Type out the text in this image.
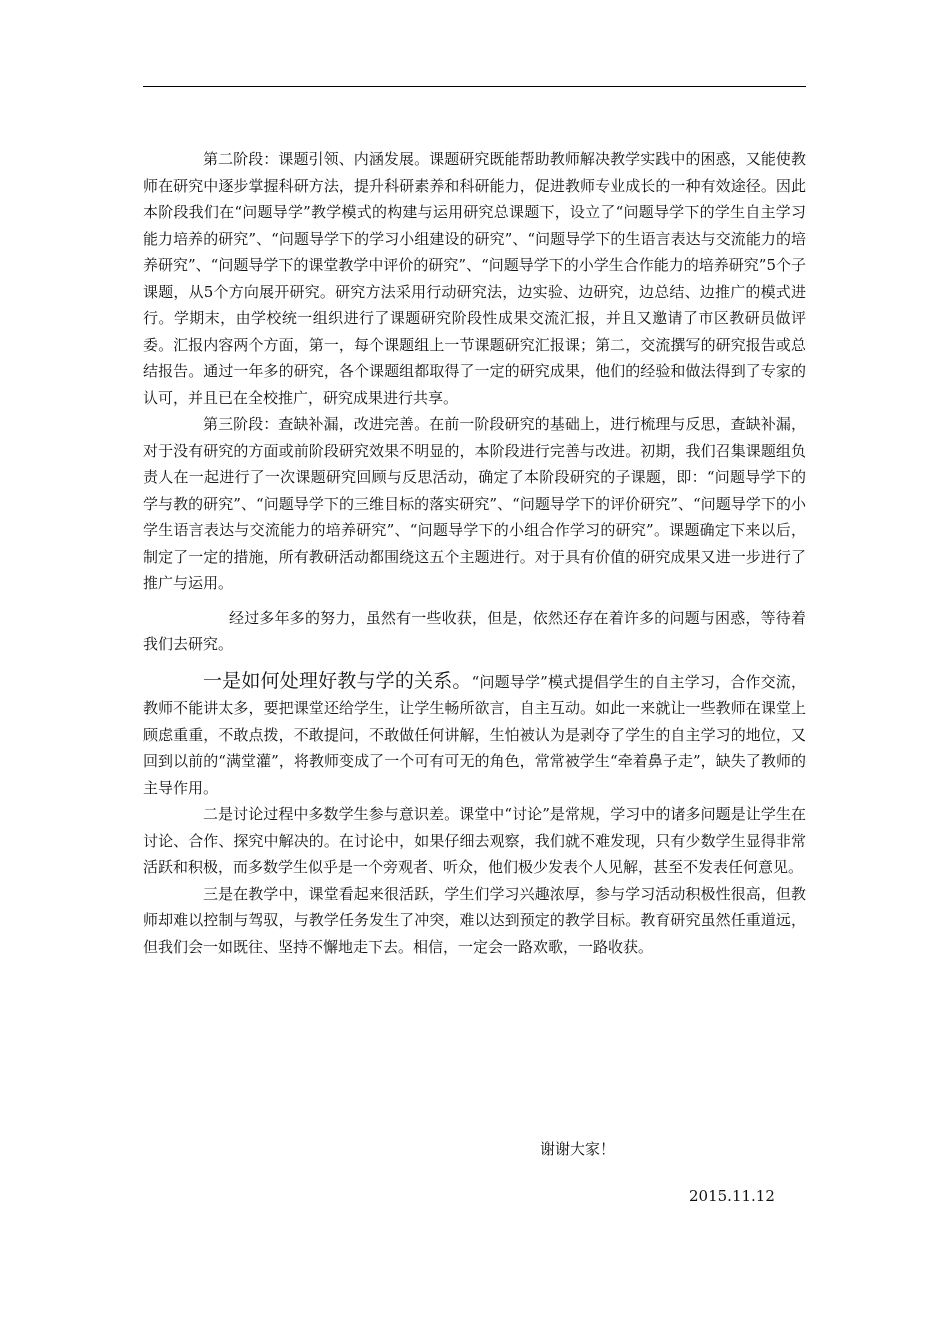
第二阶段：课题引领、内涵发展。课题研究既能帮助教师解决教学实践中的困惑，又能使教师在研究中逐步掌握科研方法，提升科研素养和科研能力，促进教师专业成长的一种有效途径。因此本阶段我们在“问题导学”教学模式的构建与运用研究总课题下，设立了“问题导学下的学生自主学习能力培养的研究”、“问题导学下的学习小组建设的研究”、“问题导学下的生语言表达与交流能力的培养研究”、“问题导学下的课堂教学中评价的研究”、“问题导学下的小学生合作能力的培养研究”5个子课题，从5个方向展开研究。研究方法采用行动研究法，边实验、边研究，边总结、边推广的模式进行。学期末，由学校统一组织进行了课题研究阶段性成果交流汇报，并且又邀请了市区教研员做评委。汇报内容两个方面，第一，每个课题组上一节课题研究汇报课；第二，交流撰写的研究报告或总结报告。通过一年多的研究，各个课题组都取得了一定的研究成果，他们的经验和做法得到了专家的认可，并且已在全校推广，研究成果进行共享。

第三阶段：查缺补漏，改进完善。在前一阶段研究的基础上，进行梳理与反思，查缺补漏，对于没有研究的方面或前阶段研究效果不明显的，本阶段进行完善与改进。初期，我们召集课题组负责人在一起进行了一次课题研究回顾与反思活动，确定了本阶段研究的子课题，即：“问题导学下的学与教的研究”、“问题导学下的三维目标的落实研究”、“问题导学下的评价研究”、“问题导学下的小学生语言表达与交流能力的培养研究”、“问题导学下的小组合作学习的研究”。课题确定下来以后，制定了一定的措施，所有教研活动都围绕这五个主题进行。对于具有价值的研究成果又进一步进行了推广与运用。

经过多年多的努力，虽然有一些收获，但是，依然还存在着许多的问题与困惑，等待着我们去研究。

一是如何处理好教与学的关系。“问题导学”模式提倡学生的自主学习，合作交流，教师不能讲太多，要把课堂还给学生，让学生畅所欲言，自主互动。如此一来就让一些教师在课堂上顾虑重重，不敢点拨，不敢提问，不敢做任何讲解，生怕被认为是剥夺了学生的自主学习的地位，又回到以前的“满堂灌”，将教师变成了一个可有可无的角色，常常被学生“牵着鼻子走”，缺失了教师的主导作用。

二是讨论过程中多数学生参与意识差。课堂中“讨论”是常规，学习中的诸多问题是让学生在讨论、合作、探究中解决的。在讨论中，如果仔细去观察，我们就不难发现，只有少数学生显得非常活跃和积极，而多数学生似乎是一个旁观者、听众，他们极少发表个人见解，甚至不发表任何意见。

三是在教学中，课堂看起来很活跃，学生们学习兴趣浓厚，参与学习活动积极性很高，但教师却难以控制与驾驭，与教学任务发生了冲突，难以达到预定的教学目标。教育研究虽然任重道远，但我们会一如既往、坚持不懈地走下去。相信，一定会一路欢歌，一路收获。

谢谢大家！
2015.11.12
